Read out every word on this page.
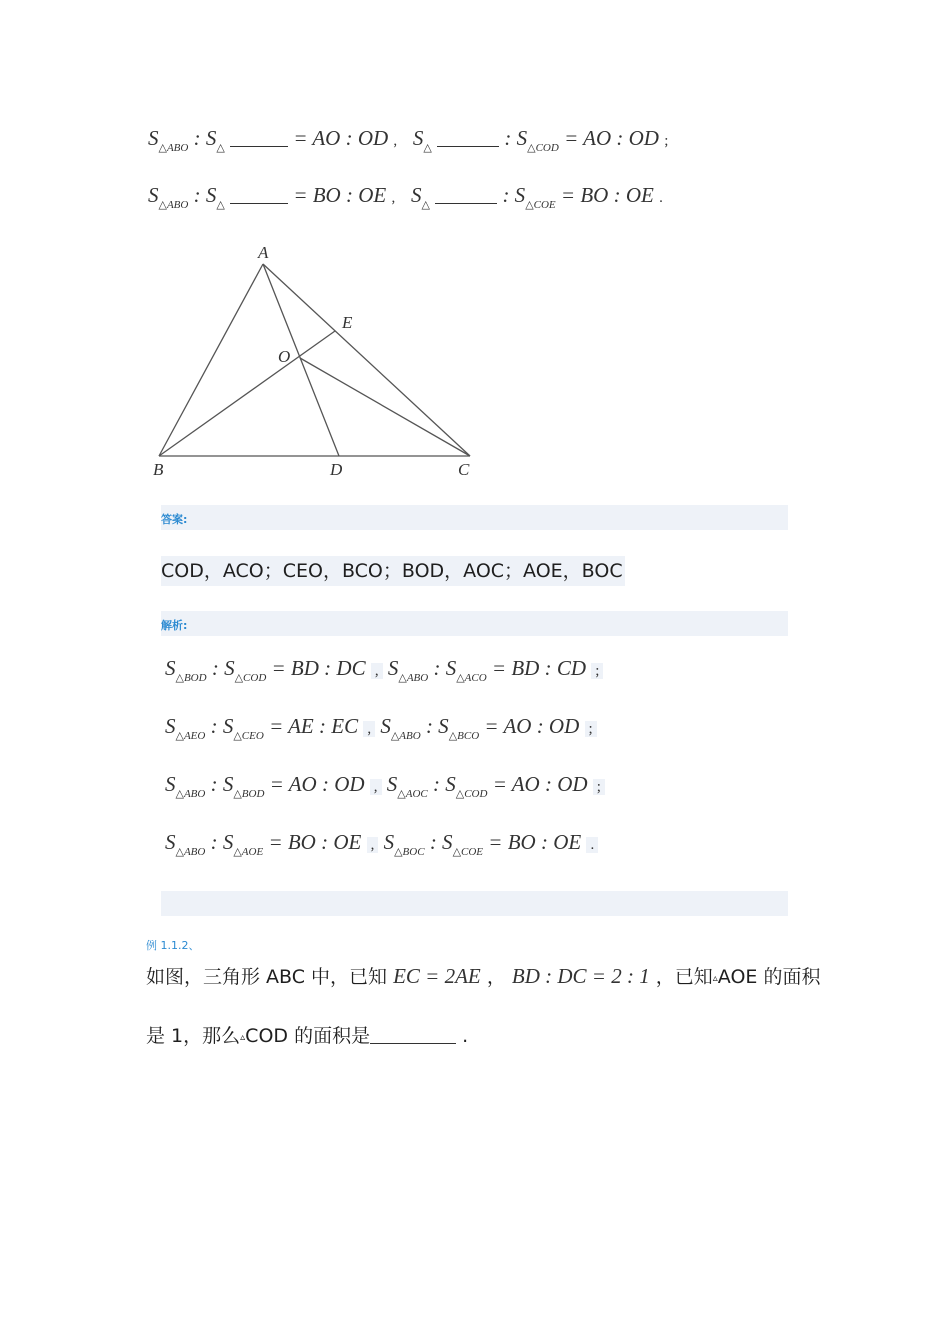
$S_{\triangle ABO}$ : $S_\triangle$	= AO : OD , $S_\triangle$	: $S_{\triangle COD}$ = AO : OD ;
$S_{\triangle ABO}$ : $S_\triangle$	= BO : OE , $S_\triangle$	: $S_{\triangle COE}$ = BO : OE .
A
B	C
D
E
O
答案:
COD，ACO；CEO，BCO；BOD，AOC；AOE，BOC
解析:
$S_{\triangle BOD}$ : $S_{\triangle COD}$ = BD : DC , $S_{\triangle ABO}$ : $S_{\triangle ACO}$ = BD : CD ;
$S_{\triangle AEO}$ : $S_{\triangle CEO}$ = AE : EC , $S_{\triangle ABO}$ : $S_{\triangle BCO}$ = AO : OD ;
$S_{\triangle ABO}$ : $S_{\triangle BOD}$ = AO : OD , $S_{\triangle AOC}$ : $S_{\triangle COD}$ = AO : OD ;
$S_{\triangle ABO}$ : $S_{\triangle AOE}$ = BO : OE , $S_{\triangle BOC}$ : $S_{\triangle COE}$ = BO : OE .
例 1.1.2、
如图，三角形 ABC 中，已知 EC = 2AE ， BD : DC = 2 : 1 ，已知▵AOE 的面积
是 1，那么▵COD 的面积是	.
